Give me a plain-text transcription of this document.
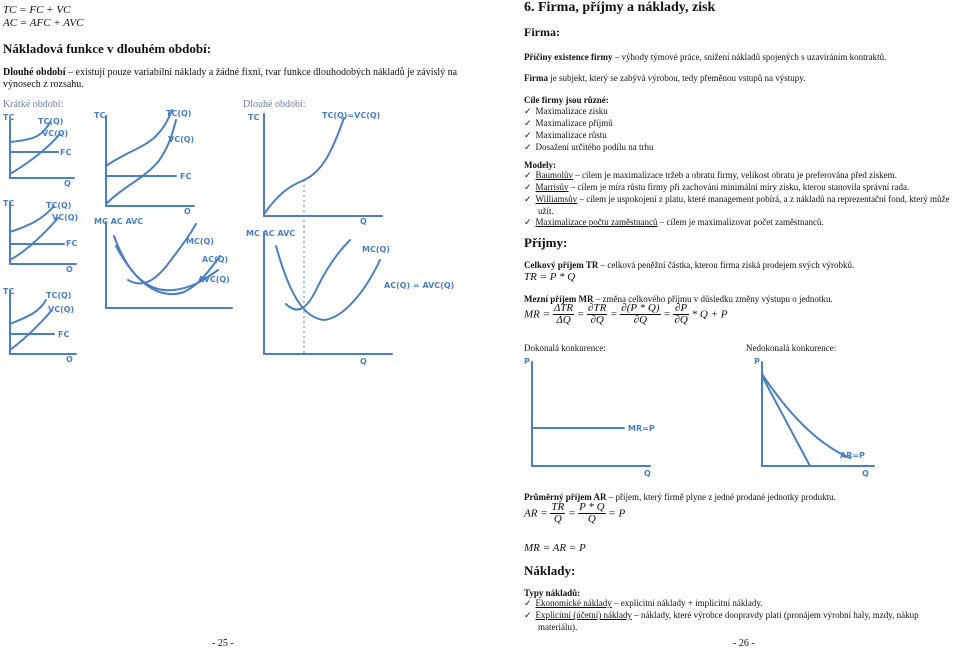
TC = FC + VC
AC = AFC + AVC
Nákladová funkce v dlouhém období:
Dlouhé období – existují pouze variabilní náklady a žádné fixní, tvar funkce dlouhodobých nákladů je závislý na výnosech z rozsahu.
Krátké období:	Dlouhé období:
TC	TC(Q)
VC(Q)
FC
Q
TC	TC(Q)
VC(Q)
FC
Q
TC	TC(Q)
VC(Q)
FC
Q
TC	TC(Q)
VC(Q)
FC
Q
MC AC AVC
MC(Q)
AC(Q)
AVC(Q)
TC	TC(Q)=VC(Q)
Q
MC AC AVC
MC(Q)
AC(Q) = AVC(Q)
Q
- 25 -
6. Firma, příjmy a náklady, zisk
Firma:
Příčiny existence firmy – výhody týmové práce, snížení nákladů spojených s uzavíráním kontraktů.
Firma je subjekt, který se zabývá výrobou, tedy přeměnou vstupů na výstupy.
Cíle firmy jsou různé:
✓ Maximalizace zisku
✓ Maximalizace příjmů
✓ Maximalizace růstu
✓ Dosažení určitého podílu na trhu
Modely:
✓ Baumolův – cílem je maximalizace tržeb a obratu firmy, velikost obratu je preferována před ziskem.
✓ Marrisův – cílem je míra růstu firmy při zachování minimální míry zisku, kterou stanovila správní rada.
✓ Williamsův – cílem je uspokojení z platu, které management pobírá, a z nákladů na reprezentační fond, který může užít.
✓ Maximalizace počtu zaměstnanců – cílem je maximalizovat počet zaměstnanců.
Příjmy:
Celkový příjem TR – celková peněžní částka, kterou firma získá prodejem svých výrobků.
TR = P * Q
Mezní příjem MR – změna celkového příjmu v důsledku změny výstupu o jednotku.
MR = $\frac{\text{ΔTR}}{\Delta Q} = \frac{\partial TR}{\partial Q} = \frac{\partial(P * Q)}{\partial Q} = \frac{\partial P}{\partial Q} * Q + P$
Dokonalá konkurence:	Nedokonalá konkurence:
P
MR=P
Q
P
AR=P
Q
Průměrný příjem AR – příjem, který firmě plyne z jedné prodané jednotky produktu.
AR = $\frac{TR}{Q} = \frac{P * Q}{Q} = P$
MR = AR = P
Náklady:
Typy nákladů:
✓ Ekonomické náklady – explicitní náklady + implicitní náklady.
✓ Explicitní (účetní) náklady – náklady, které výrobce doopravdy platí (pronájem výrobní haly, mzdy, nákup materiálu).
- 26 -
